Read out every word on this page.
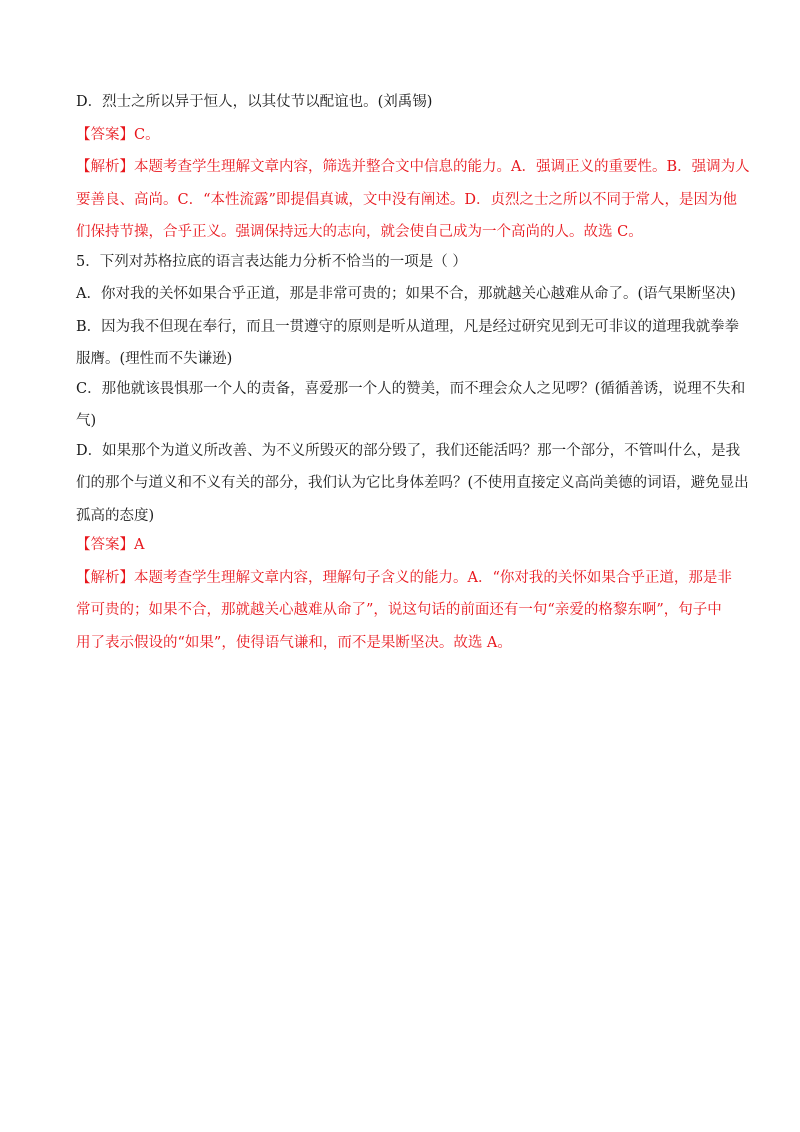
D．烈士之所以异于恒人，以其仗节以配谊也。(刘禹锡)
【答案】C。
【解析】本题考查学生理解文章内容，筛选并整合文中信息的能力。A．强调正义的重要性。B．强调为人
要善良、高尚。C．“本性流露”即提倡真诚，文中没有阐述。D．贞烈之士之所以不同于常人，是因为他
们保持节操，合乎正义。强调保持远大的志向，就会使自己成为一个高尚的人。故选 C。
5．下列对苏格拉底的语言表达能力分析不恰当的一项是（ ）
A．你对我的关怀如果合乎正道，那是非常可贵的；如果不合，那就越关心越难从命了。(语气果断坚决)
B．因为我不但现在奉行，而且一贯遵守的原则是听从道理，凡是经过研究见到无可非议的道理我就拳拳
服膺。(理性而不失谦逊)
C．那他就该畏惧那一个人的责备，喜爱那一个人的赞美，而不理会众人之见啰？(循循善诱，说理不失和
气)
D．如果那个为道义所改善、为不义所毁灭的部分毁了，我们还能活吗？那一个部分，不管叫什么，是我
们的那个与道义和不义有关的部分，我们认为它比身体差吗？(不使用直接定义高尚美德的词语，避免显出
孤高的态度)
【答案】A
【解析】本题考查学生理解文章内容，理解句子含义的能力。A．“你对我的关怀如果合乎正道，那是非
常可贵的；如果不合，那就越关心越难从命了”，说这句话的前面还有一句“亲爱的格黎东啊”，句子中
用了表示假设的“如果”，使得语气谦和，而不是果断坚决。故选 A。
